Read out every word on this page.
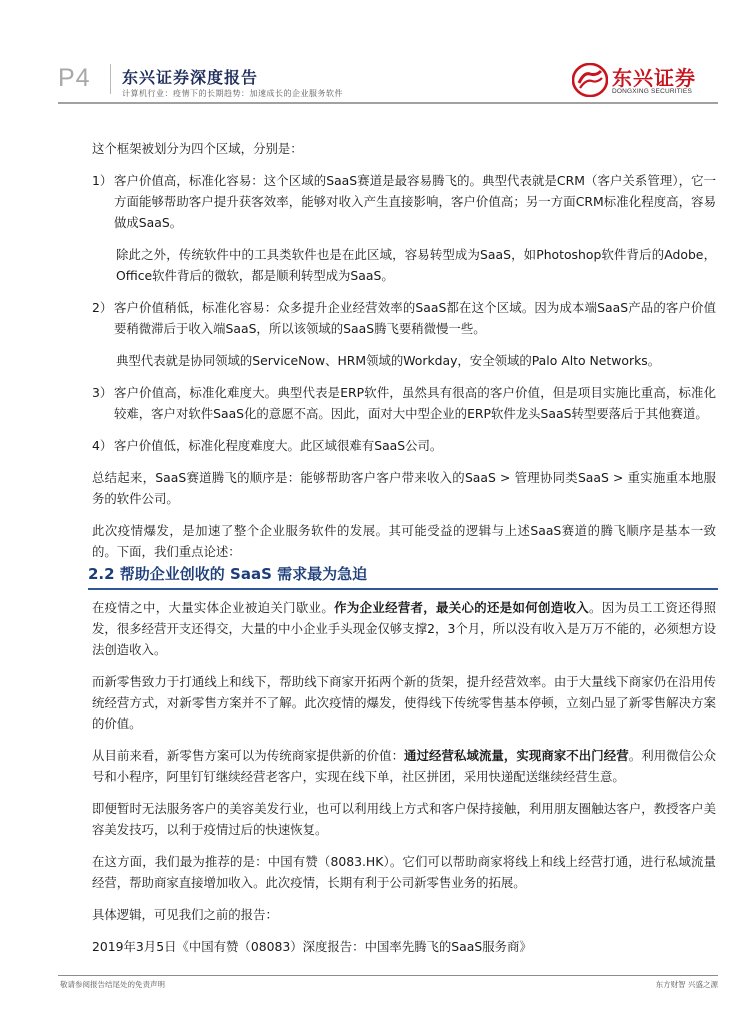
P4 东兴证券深度报告
计算机行业：疫情下的长期趋势：加速成长的企业服务软件
东兴证券
DONGXING SECURITIES

这个框架被划分为四个区域，分别是：

1） 客户价值高，标准化容易：这个区域的SaaS赛道是最容易腾飞的。典型代表就是CRM（客户关系管理），它一方面能够帮助客户提升获客效率，能够对收入产生直接影响，客户价值高；另一方面CRM标准化程度高，容易做成SaaS。

除此之外，传统软件中的工具类软件也是在此区域，容易转型成为SaaS，如Photoshop软件背后的Adobe，Office软件背后的微软，都是顺利转型成为SaaS。

2） 客户价值稍低，标准化容易：众多提升企业经营效率的SaaS都在这个区域。因为成本端SaaS产品的客户价值要稍微滞后于收入端SaaS，所以该领域的SaaS腾飞要稍微慢一些。

典型代表就是协同领域的ServiceNow、HRM领域的Workday，安全领域的Palo Alto Networks。

3） 客户价值高，标准化难度大。典型代表是ERP软件，虽然具有很高的客户价值，但是项目实施比重高，标准化较难，客户对软件SaaS化的意愿不高。因此，面对大中型企业的ERP软件龙头SaaS转型要落后于其他赛道。
4） 客户价值低，标准化程度难度大。此区域很难有SaaS公司。

总结起来，SaaS赛道腾飞的顺序是：能够帮助客户客户带来收入的SaaS > 管理协同类SaaS > 重实施重本地服务的软件公司。

此次疫情爆发，是加速了整个企业服务软件的发展。其可能受益的逻辑与上述SaaS赛道的腾飞顺序是基本一致的。下面，我们重点论述：

2.2 帮助企业创收的 SaaS 需求最为急迫

在疫情之中，大量实体企业被迫关门歇业。作为企业经营者，最关心的还是如何创造收入。因为员工工资还得照发，很多经营开支还得交，大量的中小企业手头现金仅够支撑2，3个月，所以没有收入是万万不能的，必须想方设法创造收入。

而新零售致力于打通线上和线下，帮助线下商家开拓两个新的货架，提升经营效率。由于大量线下商家仍在沿用传统经营方式，对新零售方案并不了解。此次疫情的爆发，使得线下传统零售基本停顿，立刻凸显了新零售解决方案的价值。

从目前来看，新零售方案可以为传统商家提供新的价值：通过经营私域流量，实现商家不出门经营。利用微信公众号和小程序，阿里钉钉继续经营老客户，实现在线下单，社区拼团，采用快递配送继续经营生意。

即便暂时无法服务客户的美容美发行业，也可以利用线上方式和客户保持接触，利用朋友圈触达客户，教授客户美容美发技巧，以利于疫情过后的快速恢复。

在这方面，我们最为推荐的是：中国有赞（8083.HK）。它们可以帮助商家将线上和线上经营打通，进行私域流量经营，帮助商家直接增加收入。此次疫情，长期有利于公司新零售业务的拓展。

具体逻辑，可见我们之前的报告：

2019年3月5日《中国有赞（08083）深度报告：中国率先腾飞的SaaS服务商》

敬请参阅报告结尾处的免责声明	东方财智 兴盛之源
